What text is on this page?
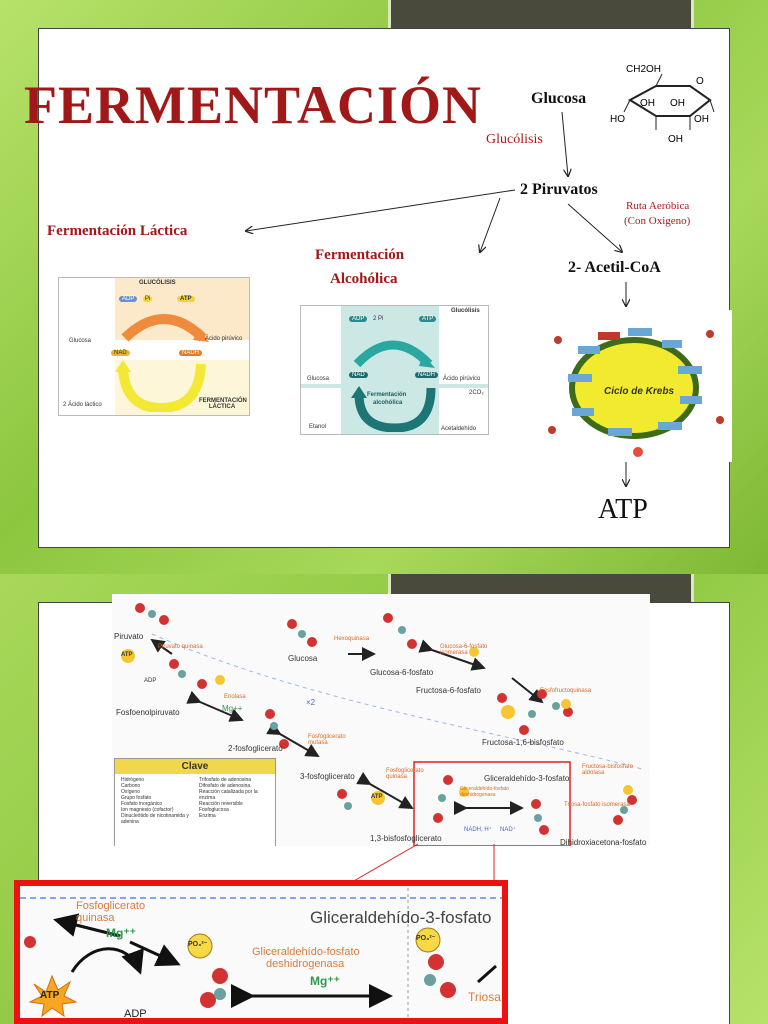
FERMENTACIÓN	Glucosa
Glucólisis
2 Piruvatos
Ruta Aeróbica
(Con Oxigeno)
2- Acetil-CoA
Fermentación Láctica
Fermentación
Alcohólica
ATP
CH2OH
O
OH OH
OH
HO
OH
GLUCÓLISIS
ADP	Pi	ATP
NAD	NADH
Glucosa	Ácido pirúvico
2 Ácido láctico
FERMENTACIÓN LÁCTICA
Glucólisis
ADP	2 Pi	ATP
NAD	NADH
Fermentación
alcohólica
Glucosa	Ácido pirúvico
Etanol
2CO₂
Acetaldehído
Ciclo de Krebs
Piruvato
Piruvato quinasa
Fosfoenolpiruvato
Enolasa
Mg++
×2
2-fosfoglicerato
Fosfoglicerato mutasa
3-fosfoglicerato
Fosfoglicerato quinasa
1,3-bisfosfoglicerato
Glucosa
Hexoquinasa
Glucosa-6-fosfato
Glucosa-6-fosfato isomerasa
Fructosa-6-fosfato	Fosfofructoquinasa
Fructosa-1,6-bisfosfato
Fructosa-bisfosfato aldolasa
Gliceraldehído-3-fosfato
Gliceraldehído-fosfato deshidrogenasa
Triosa-fosfato isomerasa
Dihidroxiacetona-fosfato
NADH, H⁺ NAD⁺
ATP
ATP
ADP
Clave
Hidrógeno
Carbono
Oxígeno
Grupo fosfato
Fosfato inorgánico
Ion magnesio (cofactor)
Dinucleótido de nicotinamida y adenina
Trifosfato de adenosina
Difosfato de adenosina
Reacción catalizada por la enzima
Reacción reversible
Fosfoglucosa
Enzima
Fosfoglicerato
quinasa
Mg⁺⁺
Gliceraldehído-3-fosfato
Gliceraldehído-fosfato
deshidrogenasa
Mg⁺⁺
ATP
ADP
Triosa
PO₃²⁻
PO₃²⁻
